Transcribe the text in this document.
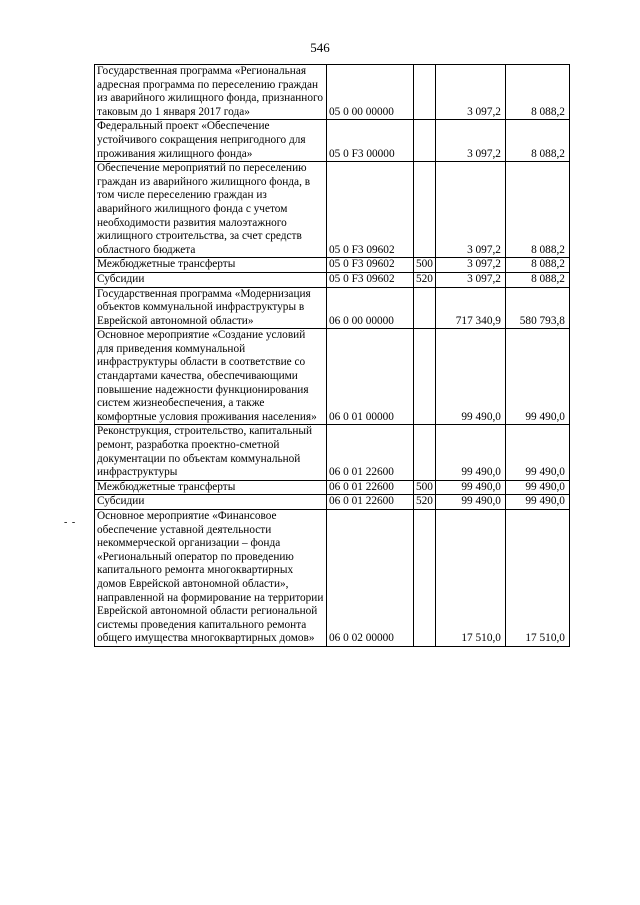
546
- -
Государственная программа «Региональная адресная программа по переселению граждан из аварийного жилищного фонда, признанного таковым до 1 января 2017 года»	05 0 00 00000		3 097,2	8 088,2
Федеральный проект «Обеспечение устойчивого сокращения непригодного для проживания жилищного фонда»	05 0 F3 00000		3 097,2	8 088,2
Обеспечение мероприятий по переселению граждан из аварийного жилищного фонда, в том числе переселению граждан из аварийного жилищного фонда с учетом необходимости развития малоэтажного жилищного строительства, за счет средств областного бюджета	05 0 F3 09602		3 097,2	8 088,2
Межбюджетные трансферты	05 0 F3 09602	500	3 097,2	8 088,2
Субсидии	05 0 F3 09602	520	3 097,2	8 088,2
Государственная программа «Модернизация объектов коммунальной инфраструктуры в Еврейской автономной области»	06 0 00 00000		717 340,9	580 793,8
Основное мероприятие «Создание условий для приведения коммунальной инфраструктуры области в соответствие со стандартами качества, обеспечивающими повышение надежности функционирования систем жизнеобеспечения, а также комфортные условия проживания населения»	06 0 01 00000		99 490,0	99 490,0
Реконструкция, строительство, капитальный ремонт, разработка проектно-сметной документации по объектам коммунальной инфраструктуры	06 0 01 22600		99 490,0	99 490,0
Межбюджетные трансферты	06 0 01 22600	500	99 490,0	99 490,0
Субсидии	06 0 01 22600	520	99 490,0	99 490,0
Основное мероприятие «Финансовое обеспечение уставной деятельности некоммерческой организации – фонда «Региональный оператор по проведению капитального ремонта многоквартирных домов Еврейской автономной области», направленной на формирование на территории Еврейской автономной области региональной системы проведения капитального ремонта общего имущества многоквартирных домов»	06 0 02 00000		17 510,0	17 510,0
